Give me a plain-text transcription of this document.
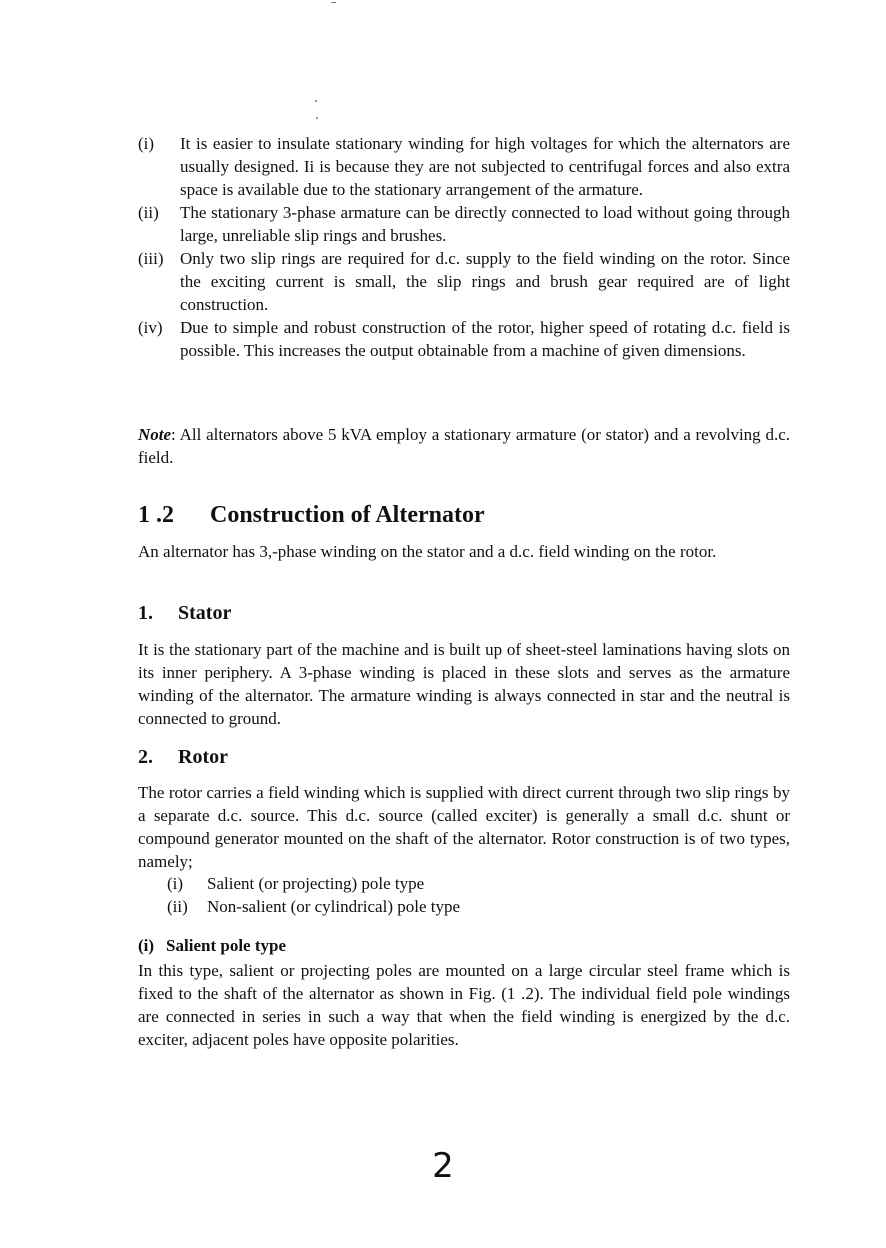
(i) It is easier to insulate stationary winding for high voltages for which the alternators are usually designed. Ii is because they are not subjected to centrifugal forces and also extra space is available due to the stationary arrangement of the armature.
(ii) The stationary 3-phase armature can be directly connected to load without going through large, unreliable slip rings and brushes.
(iii) Only two slip rings are required for d.c. supply to the field winding on the rotor. Since the exciting current is small, the slip rings and brush gear required are of light construction.
(iv) Due to simple and robust construction of the rotor, higher speed of rotating d.c. field is possible. This increases the output obtainable from a machine of given dimensions.

Note: All alternators above 5 kVA employ a stationary armature (or stator) and a revolving d.c. field.

1 .2 Construction of Alternator

An alternator has 3,-phase winding on the stator and a d.c. field winding on the rotor.

1. Stator

It is the stationary part of the machine and is built up of sheet-steel laminations having slots on its inner periphery. A 3-phase winding is placed in these slots and serves as the armature winding of the alternator. The armature winding is always connected in star and the neutral is connected to ground.

2. Rotor

The rotor carries a field winding which is supplied with direct current through two slip rings by a separate d.c. source. This d.c. source (called exciter) is generally a small d.c. shunt or compound generator mounted on the shaft of the alternator. Rotor construction is of two types, namely;

(i) Salient (or projecting) pole type
(ii) Non-salient (or cylindrical) pole type
(i) Salient pole type

In this type, salient or projecting poles are mounted on a large circular steel frame which is fixed to the shaft of the alternator as shown in Fig. (1 .2). The individual field pole windings are connected in series in such a way that when the field winding is energized by the d.c. exciter, adjacent poles have opposite polarities.

2
